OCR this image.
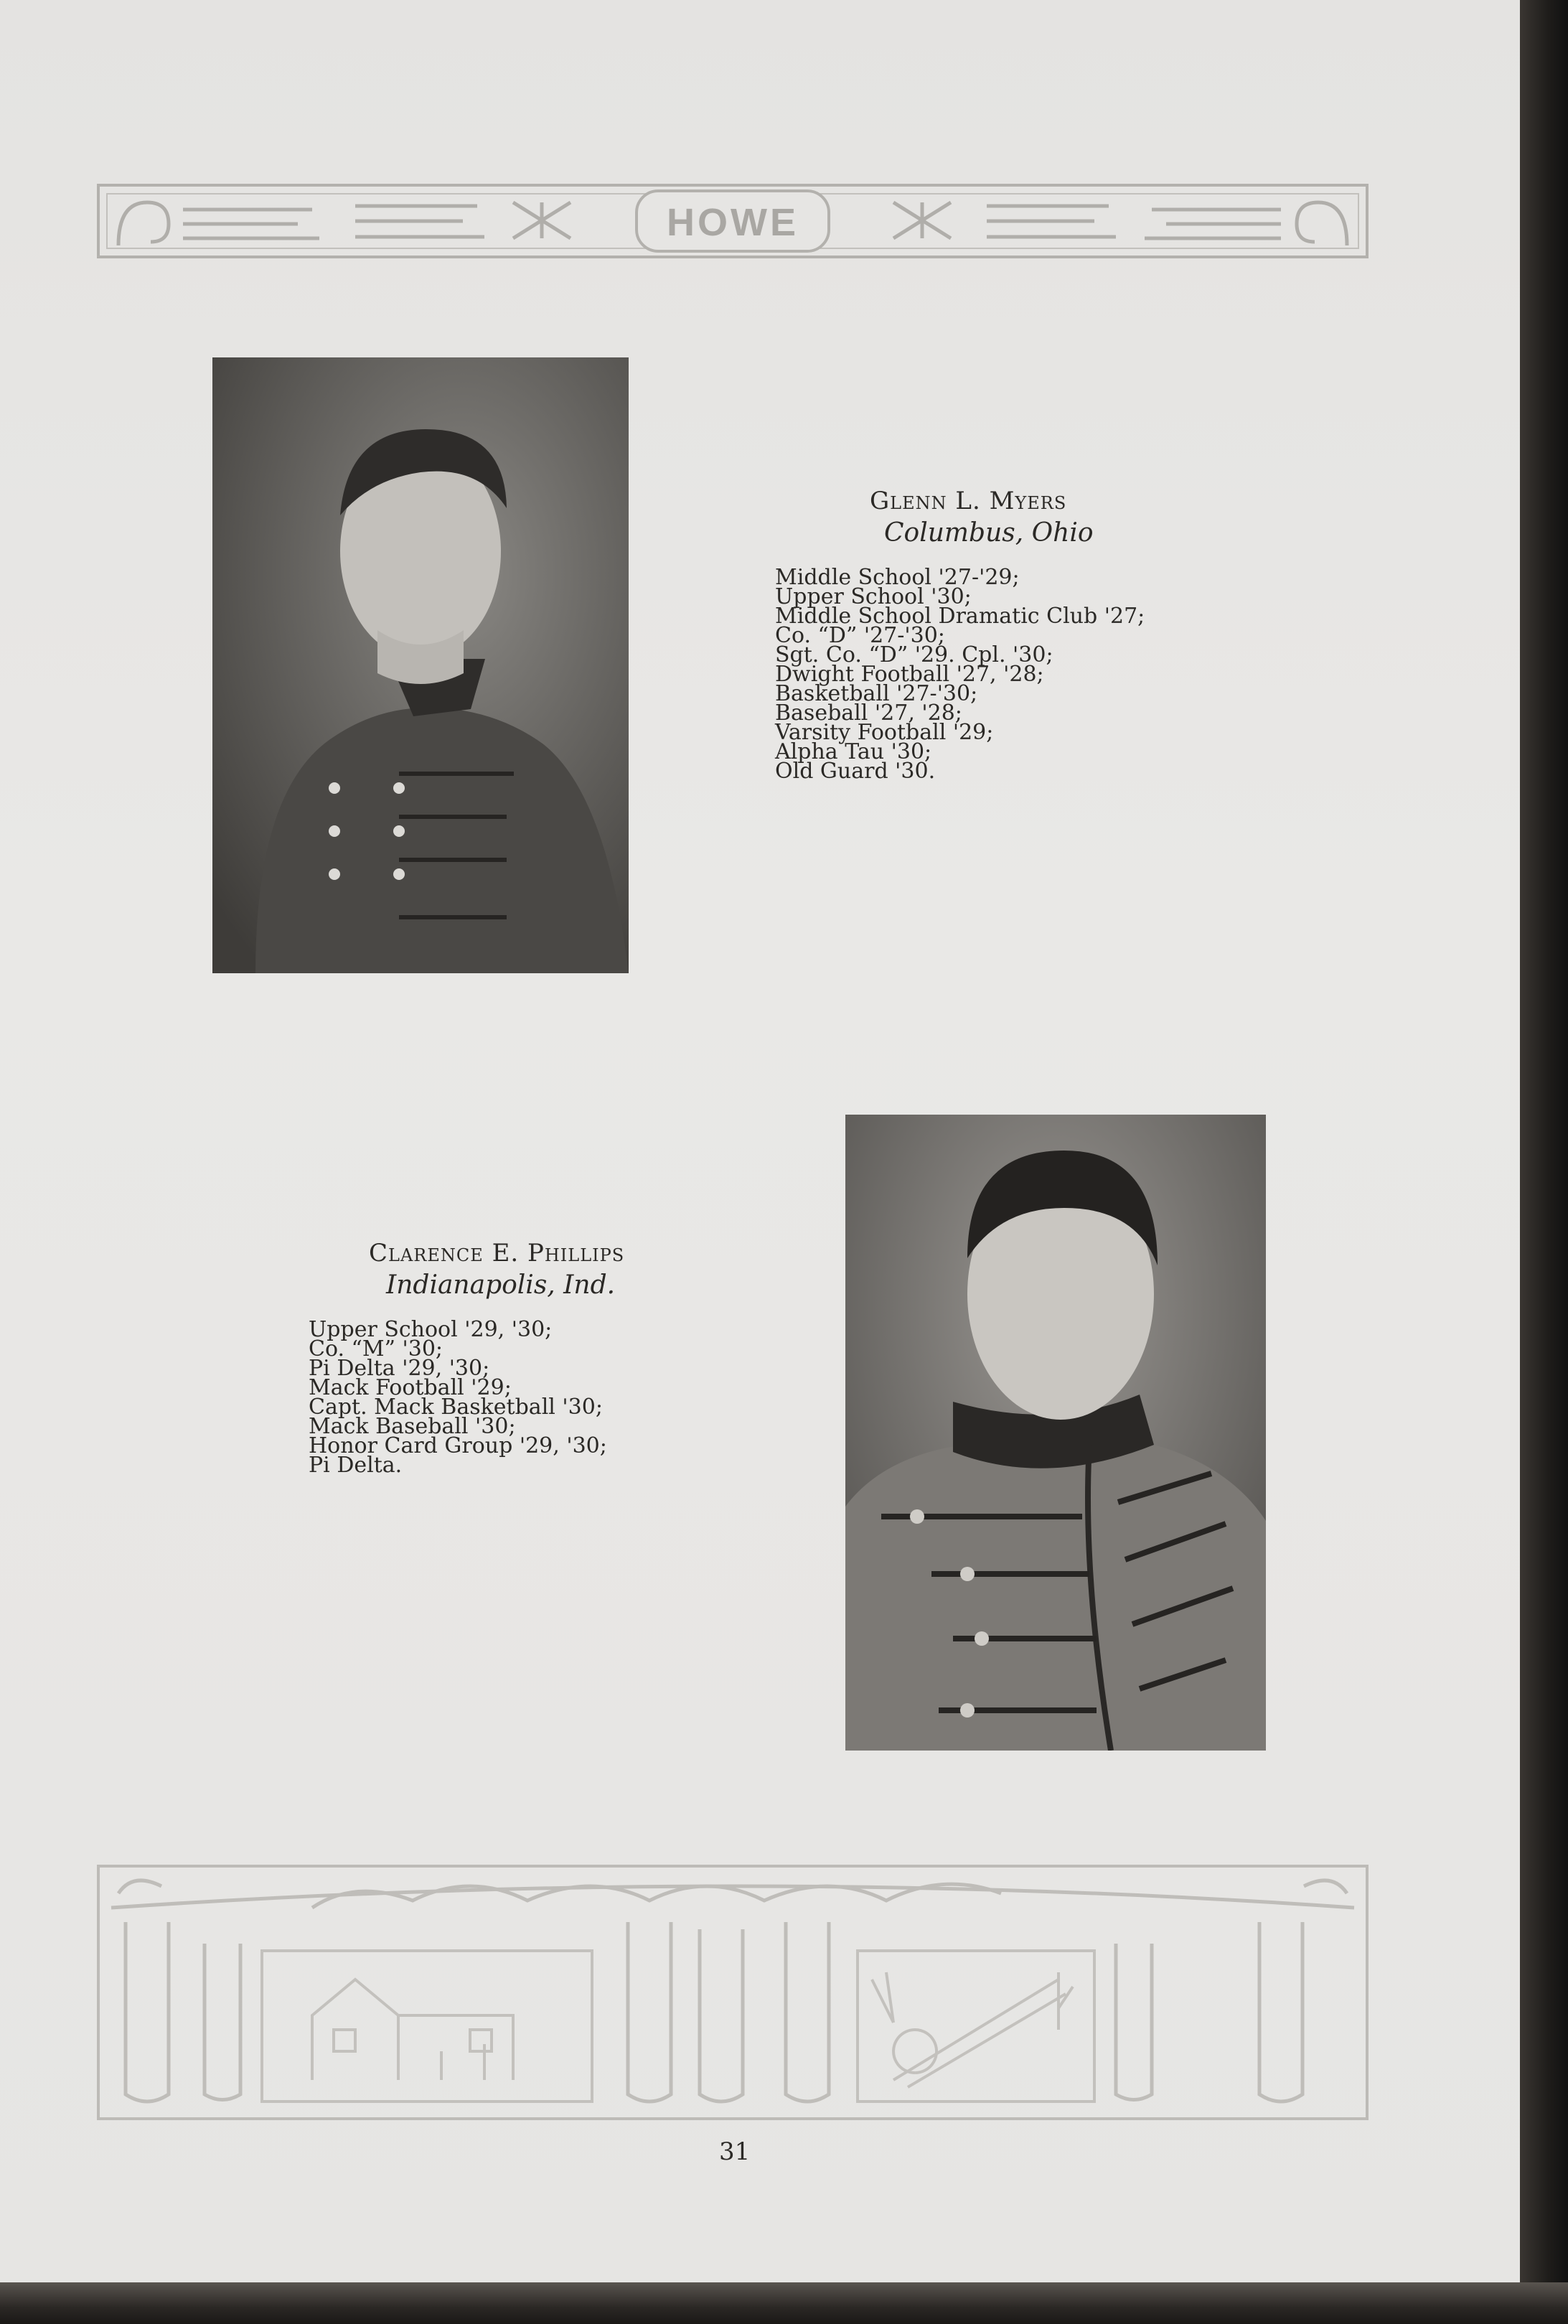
HOWE

Glenn L. Myers

Columbus, Ohio

Middle School '27-'29;
Upper School '30;
Middle School Dramatic Club '27;
Co. “D” '27-'30;
Sgt. Co. “D” '29. Cpl. '30;
Dwight Football '27, '28;
Basketball '27-'30;
Baseball '27, '28;
Varsity Football '29;
Alpha Tau '30;
Old Guard '30.

Clarence E. Phillips

Indianapolis, Ind.

Upper School '29, '30;
Co. “M” '30;
Pi Delta '29, '30;
Mack Football '29;
Capt. Mack Basketball '30;
Mack Baseball '30;
Honor Card Group '29, '30;
Pi Delta.
31
